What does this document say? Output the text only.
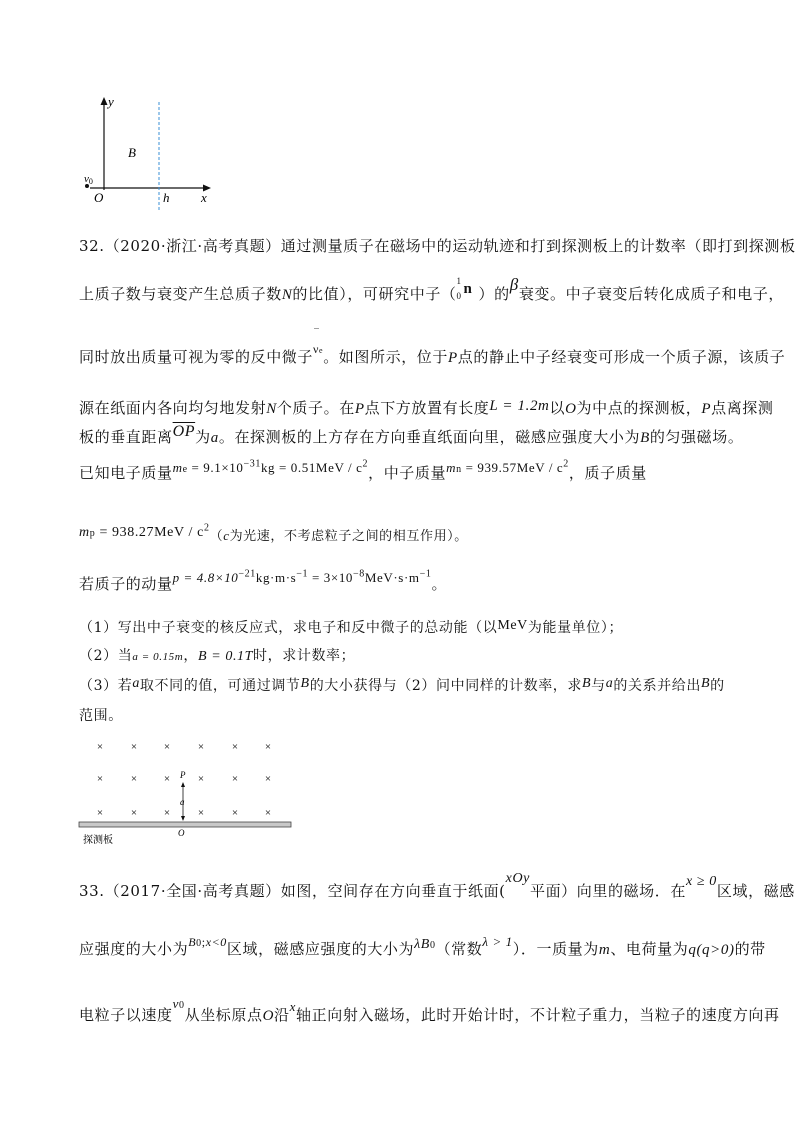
y
B
v0
O	h x
32.（2020·浙江·高考真题）通过测量质子在磁场中的运动轨迹和打到探测板上的计数率（即打到探测板
上质子数与衰变产生总质子数N的比值），可研究中子（
1
0 n ）的β衰变。中子衰变后转化成质子和电子，
同时放出质量可视为零的反中微子
‾
νe。如图所示，位于P点的静止中子经衰变可形成一个质子源，该质子
源在纸面内各向均匀地发射N个质子。在P点下方放置有长度L = 1.2m以O为中点的探测板，P点离探测
板的垂直距离$\overline{OP}$为a。在探测板的上方存在方向垂直纸面向里，磁感应强度大小为B的匀强磁场。
已知电子质量me = $9.1\times 10^{-31}kg = 0.51MeV / c^2$，中子质量mn = $939.57MeV / c^2$，质子质量
mp = $938.27MeV / c^2(c$为光速，不考虑粒子之间的相互作用）。
若质子的动量$p = 4.8\times 10^{-21}kg\cdot m\cdot s^{-1} = 3\times 10^{-8}MeV\cdot s\cdot m^{-1}$。
（1）写出中子衰变的核反应式，求电子和反中微子的总动能（以MeV为能量单位）；
（2）当a = 0.15m，B = 0.1T时，求计数率；
（3）若a取不同的值，可通过调节B的大小获得与（2）问中同样的计数率，求B与a的关系并给出B的
范围。
P
a
O
探测板
×	× ×	×	× ×
×	× ×	×	× ×
×	× ×	×	× ×
33.（2017·全国·高考真题）如图，空间存在方向垂直于纸面(xOy平面）向里的磁场．在x ≥ 0区域，磁感
应强度的大小为$^{B0;x<0}$区域，磁感应强度的大小为λB0（常数λ > 1）．一质量为m、电荷量为q(q>0)的带
电粒子以速度v0从坐标原点O沿x轴正向射入磁场，此时开始计时，不计粒子重力，当粒子的速度方向再
